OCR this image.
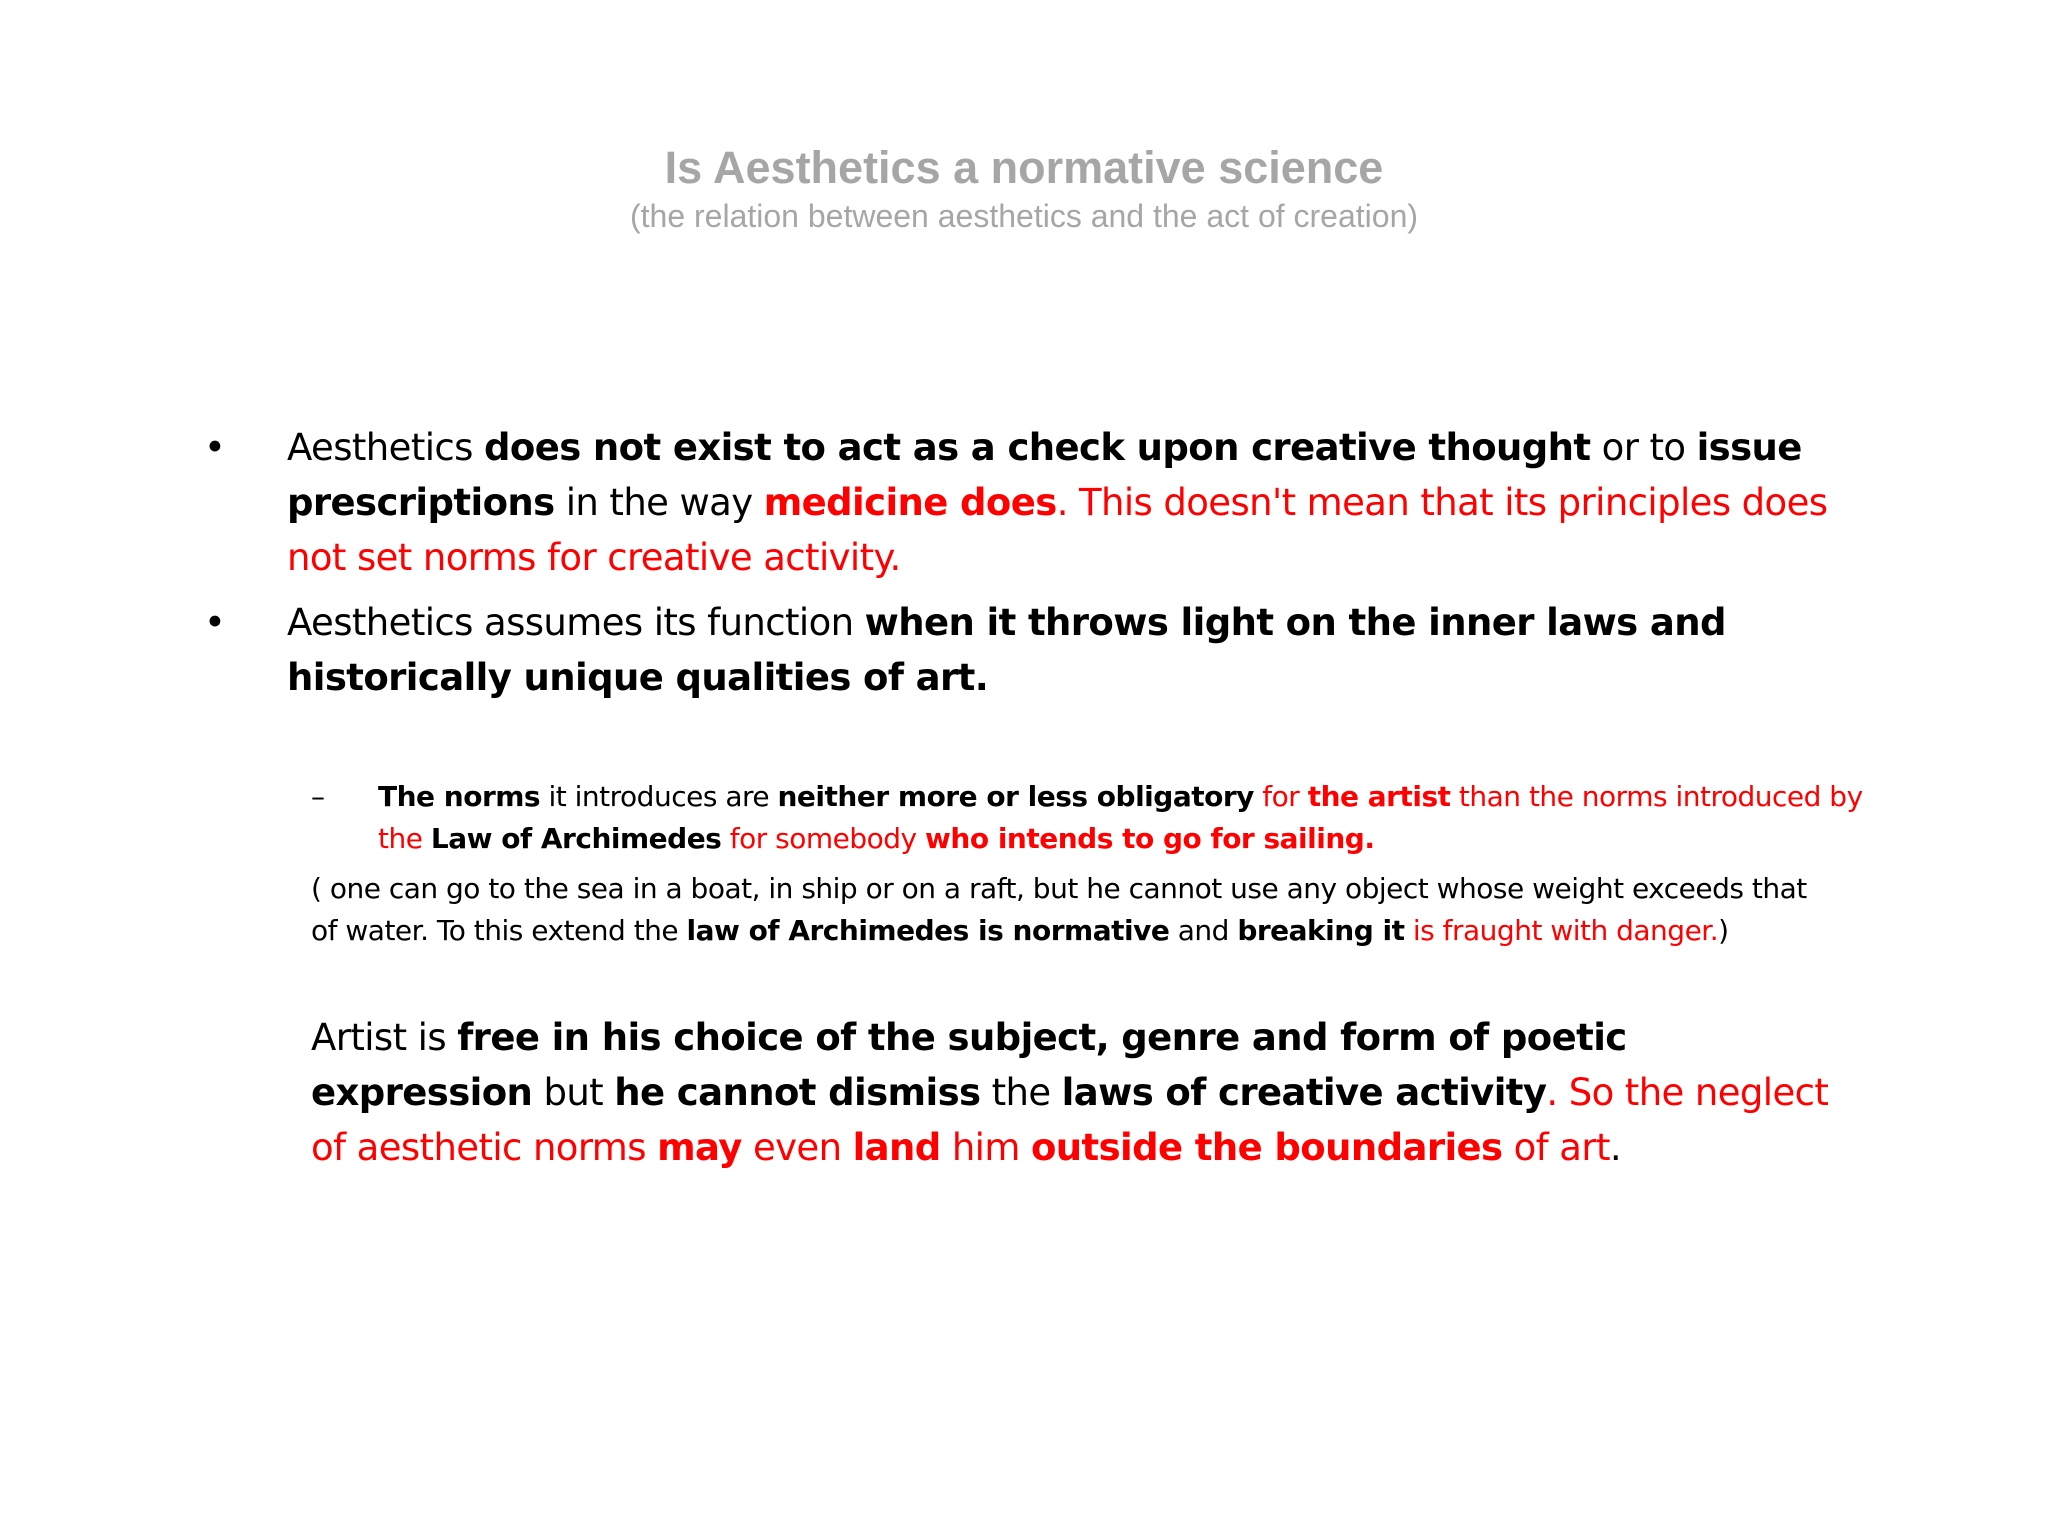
Is Aesthetics a normative science
(the relation between aesthetics and the act of creation)
•	Aesthetics does not exist to act as a check upon creative thought or to issue prescriptions in the way medicine does. This doesn't mean that its principles does not set norms for creative activity.
•	Aesthetics assumes its function when it throws light on the inner laws and historically unique qualities of art.
– The norms it introduces are neither more or less obligatory for the artist than the norms introduced by the Law of Archimedes for somebody who intends to go for sailing.
( one can go to the sea in a boat, in ship or on a raft, but he cannot use any object whose weight exceeds that of water. To this extend the law of Archimedes is normative and breaking it is fraught with danger.)
Artist is free in his choice of the subject, genre and form of poetic expression but he cannot dismiss the laws of creative activity. So the neglect of aesthetic norms may even land him outside the boundaries of art.
